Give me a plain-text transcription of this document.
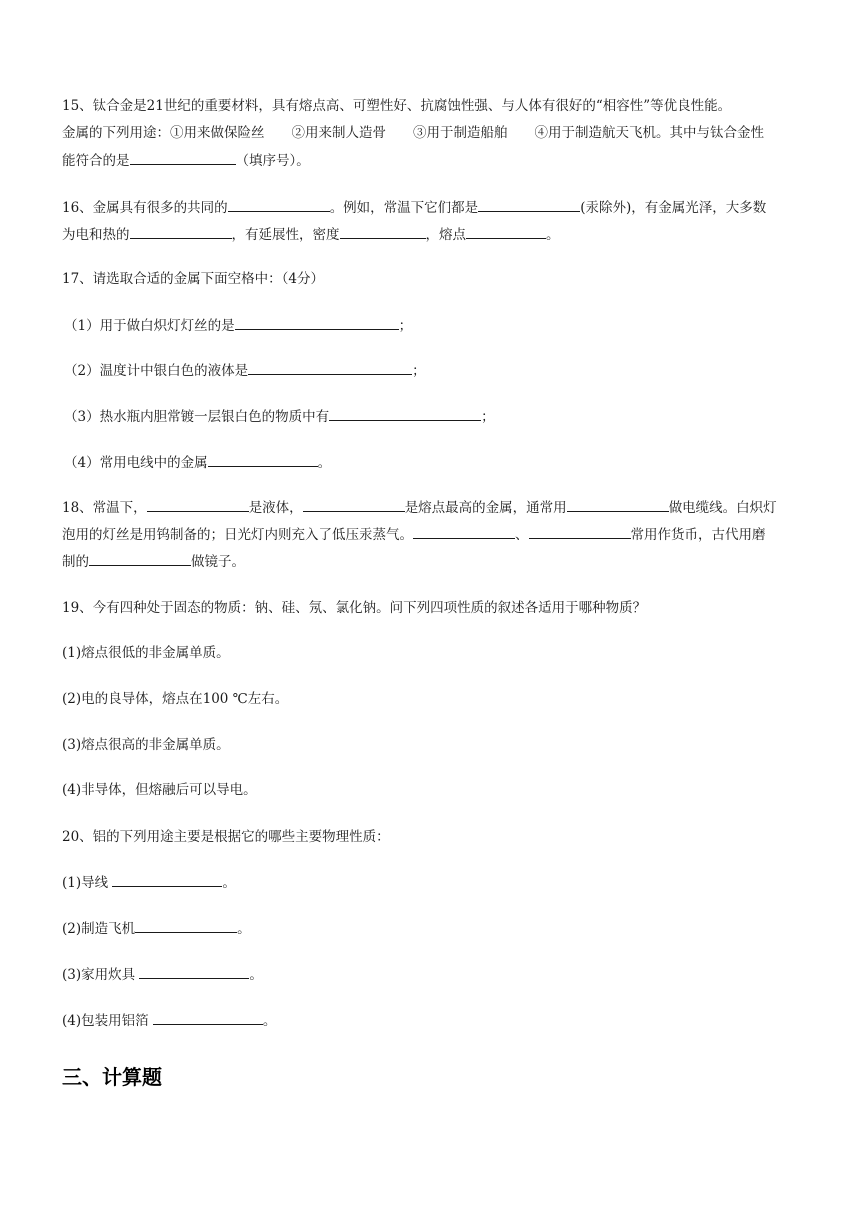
15、钛合金是21世纪的重要材料，具有熔点高、可塑性好、抗腐蚀性强、与人体有很好的“相容性”等优良性能。
金属的下列用途：①用来做保险丝　　②用来制人造骨　　③用于制造船舶　　④用于制造航天飞机。其中与钛合金性
能符合的是	（填序号）。
16、金属具有很多的共同的	。例如，常温下它们都是	(汞除外)，有金属光泽，大多数
为电和热的	，有延展性，密度	，熔点	。
17、请选取合适的金属下面空格中：（4分）
（1）用于做白炽灯灯丝的是	；
（2）温度计中银白色的液体是	；
（3）热水瓶内胆常镀一层银白色的物质中有	；
（4）常用电线中的金属	。
18、常温下，	是液体，	是熔点最高的金属，通常用	做电缆线。白炽灯
泡用的灯丝是用钨制备的；日光灯内则充入了低压汞蒸气。	、	常用作货币，古代用磨
制的	做镜子。
19、今有四种处于固态的物质：钠、硅、氖、氯化钠。问下列四项性质的叙述各适用于哪种物质？
(1)熔点很低的非金属单质。
(2)电的良导体，熔点在100 ℃左右。
(3)熔点很高的非金属单质。
(4)非导体，但熔融后可以导电。
20、铝的下列用途主要是根据它的哪些主要物理性质：
(1)导线	。
(2)制造飞机	。
(3)家用炊具	。
(4)包装用铝箔	。
三、计算题
